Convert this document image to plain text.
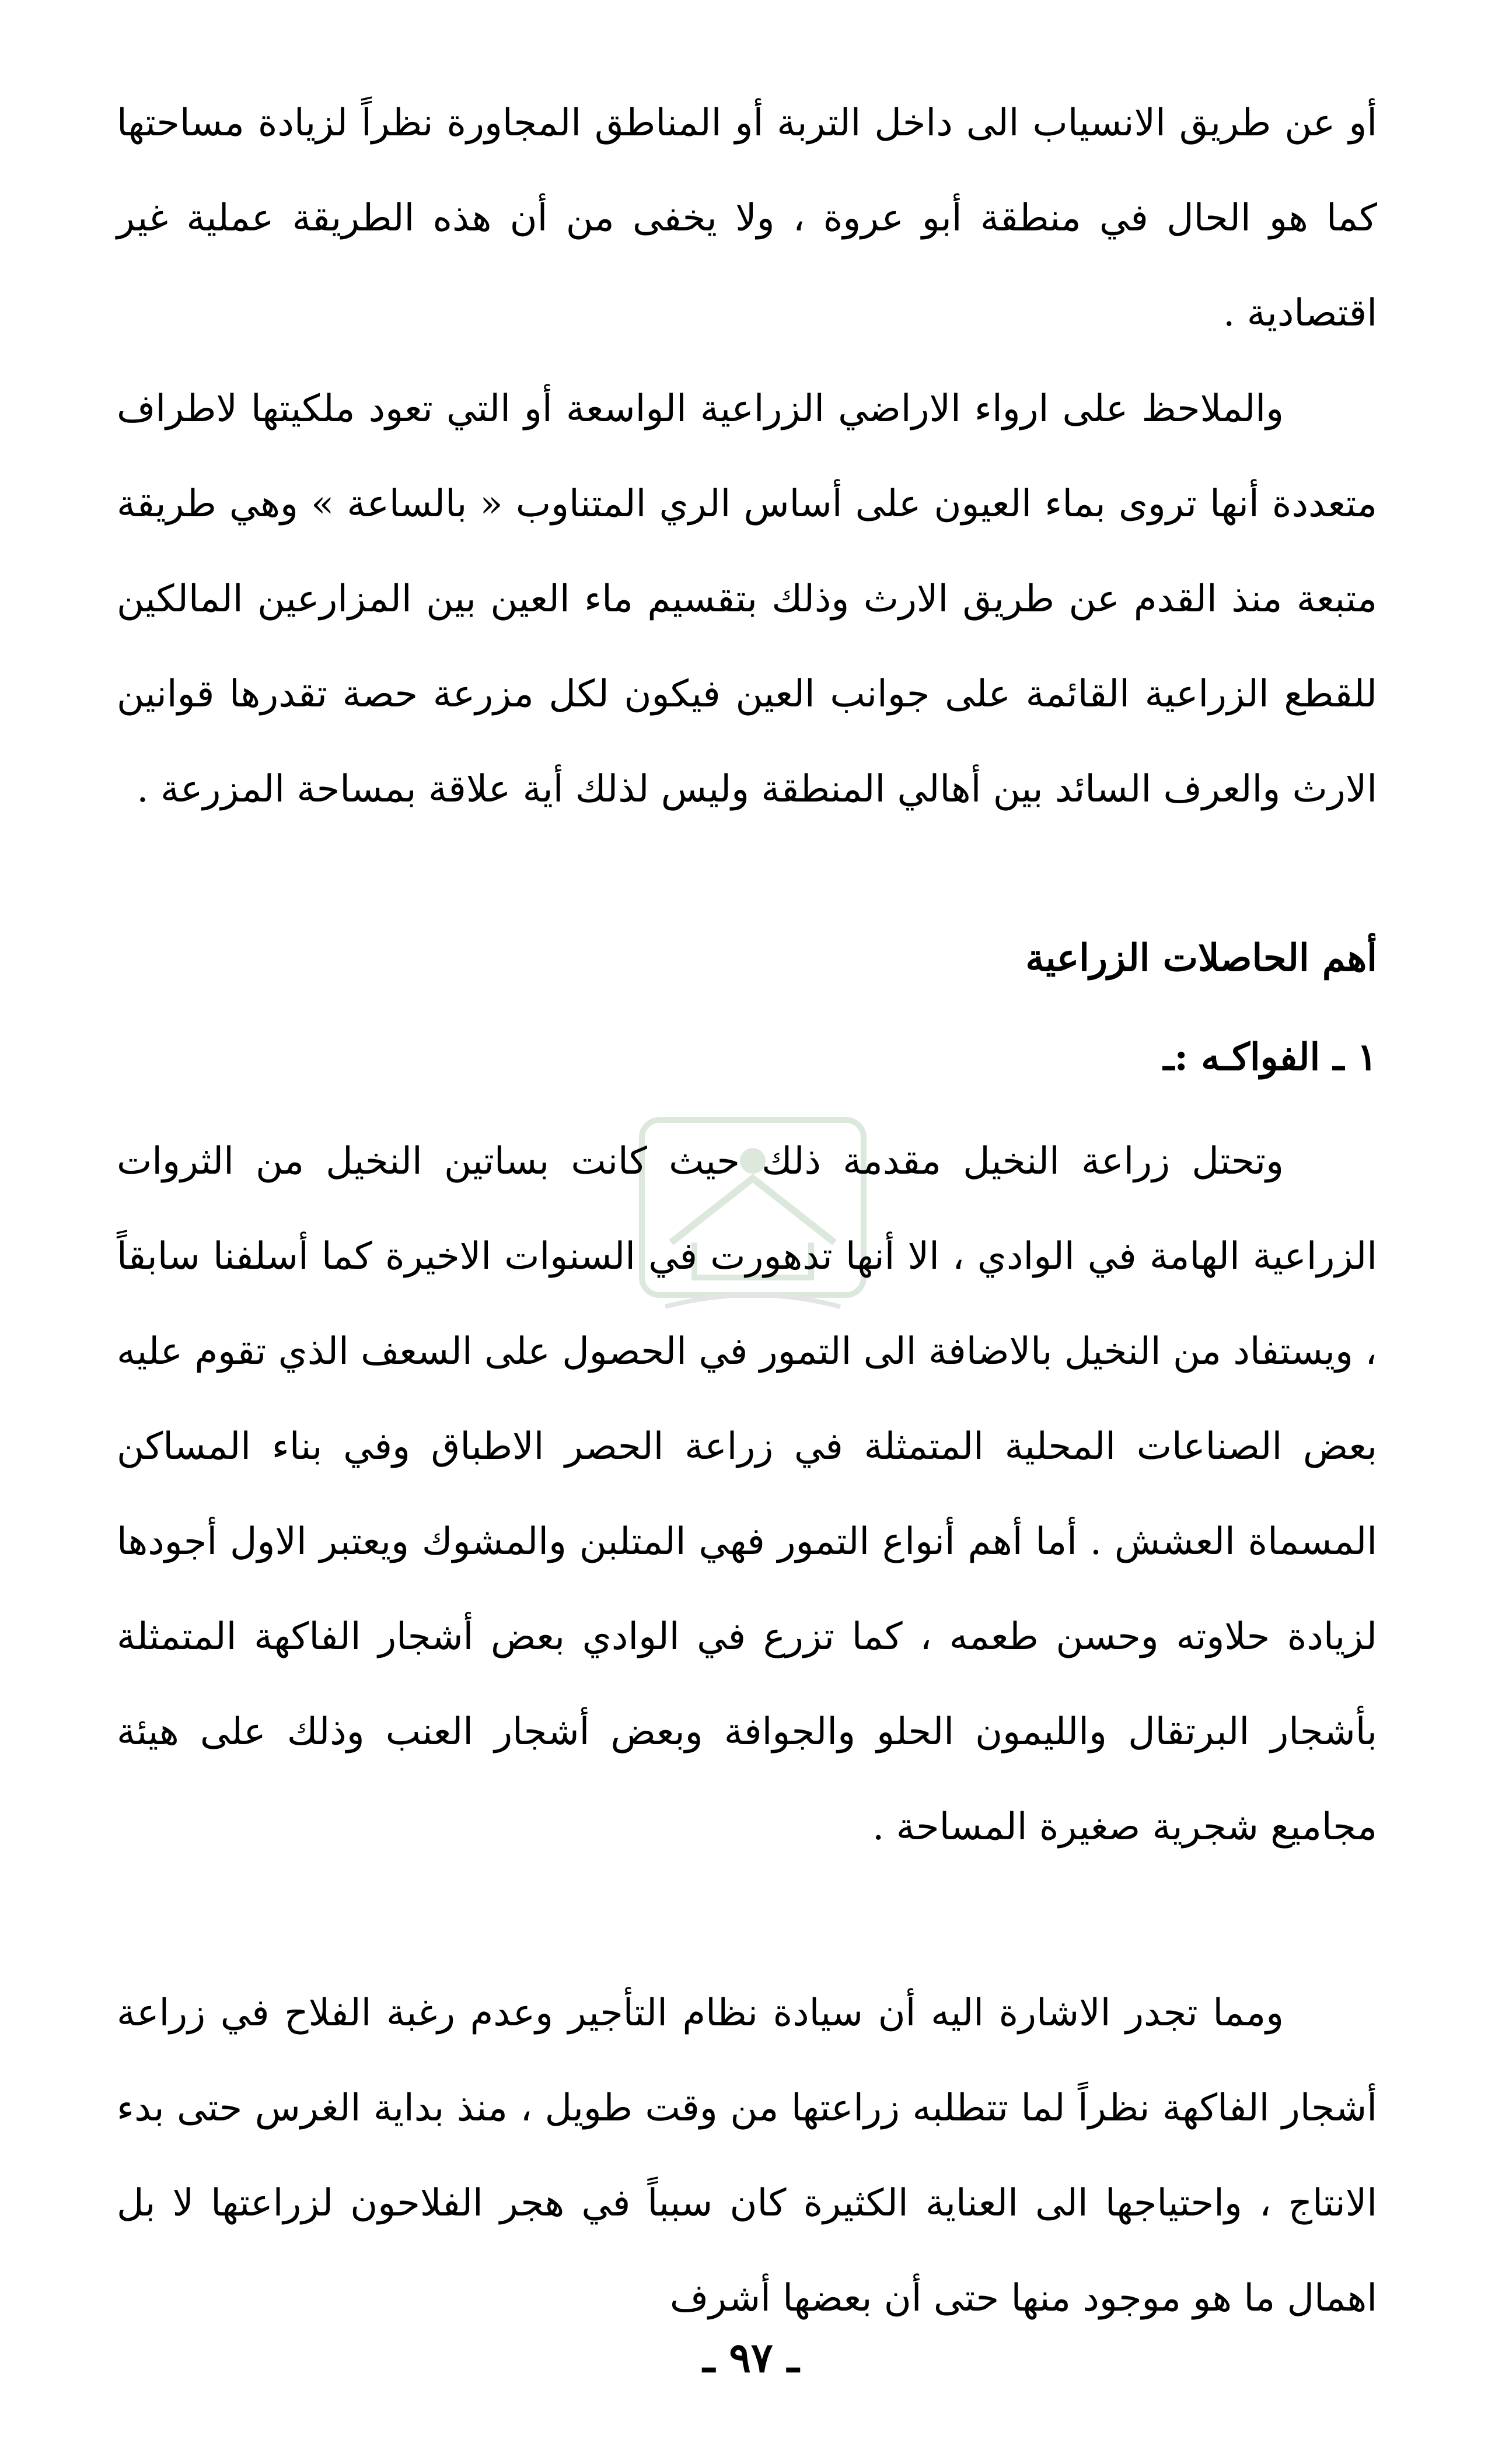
أو عن طريق الانسياب الى داخل التربة أو المناطق المجاورة نظراً لزيادة مساحتها كما هو الحال في منطقة أبو عروة ، ولا يخفى من أن هذه الطريقة عملية غير اقتصادية .

والملاحظ على ارواء الاراضي الزراعية الواسعة أو التي تعود ملكيتها لاطراف متعددة أنها تروى بماء العيون على أساس الري المتناوب « بالساعة » وهي طريقة متبعة منذ القدم عن طريق الارث وذلك بتقسيم ماء العين بين المزارعين المالكين للقطع الزراعية القائمة على جوانب العين فيكون لكل مزرعة حصة تقدرها قوانين الارث والعرف السائد بين أهالي المنطقة وليس لذلك أية علاقة بمساحة المزرعة .

أهم الحاصلات الزراعية
١ ـ الفواكـه :ـ

وتحتل زراعة النخيل مقدمة ذلك حيث كانت بساتين النخيل من الثروات الزراعية الهامة في الوادي ، الا أنها تدهورت في السنوات الاخيرة كما أسلفنا سابقاً ، ويستفاد من النخيل بالاضافة الى التمور في الحصول على السعف الذي تقوم عليه بعض الصناعات المحلية المتمثلة في زراعة الحصر الاطباق وفي بناء المساكن المسماة العشش . أما أهم أنواع التمور فهي المتلبن والمشوك ويعتبر الاول أجودها لزيادة حلاوته وحسن طعمه ، كما تزرع في الوادي بعض أشجار الفاكهة المتمثلة بأشجار البرتقال والليمون الحلو والجوافة وبعض أشجار العنب وذلك على هيئة مجاميع شجرية صغيرة المساحة .

ومما تجدر الاشارة اليه أن سيادة نظام التأجير وعدم رغبة الفلاح في زراعة أشجار الفاكهة نظراً لما تتطلبه زراعتها من وقت طويل ، منذ بداية الغرس حتى بدء الانتاج ، واحتياجها الى العناية الكثيرة كان سبباً في هجر الفلاحون لزراعتها لا بل اهمال ما هو موجود منها حتى أن بعضها أشرف

ـ ٩٧ ـ
